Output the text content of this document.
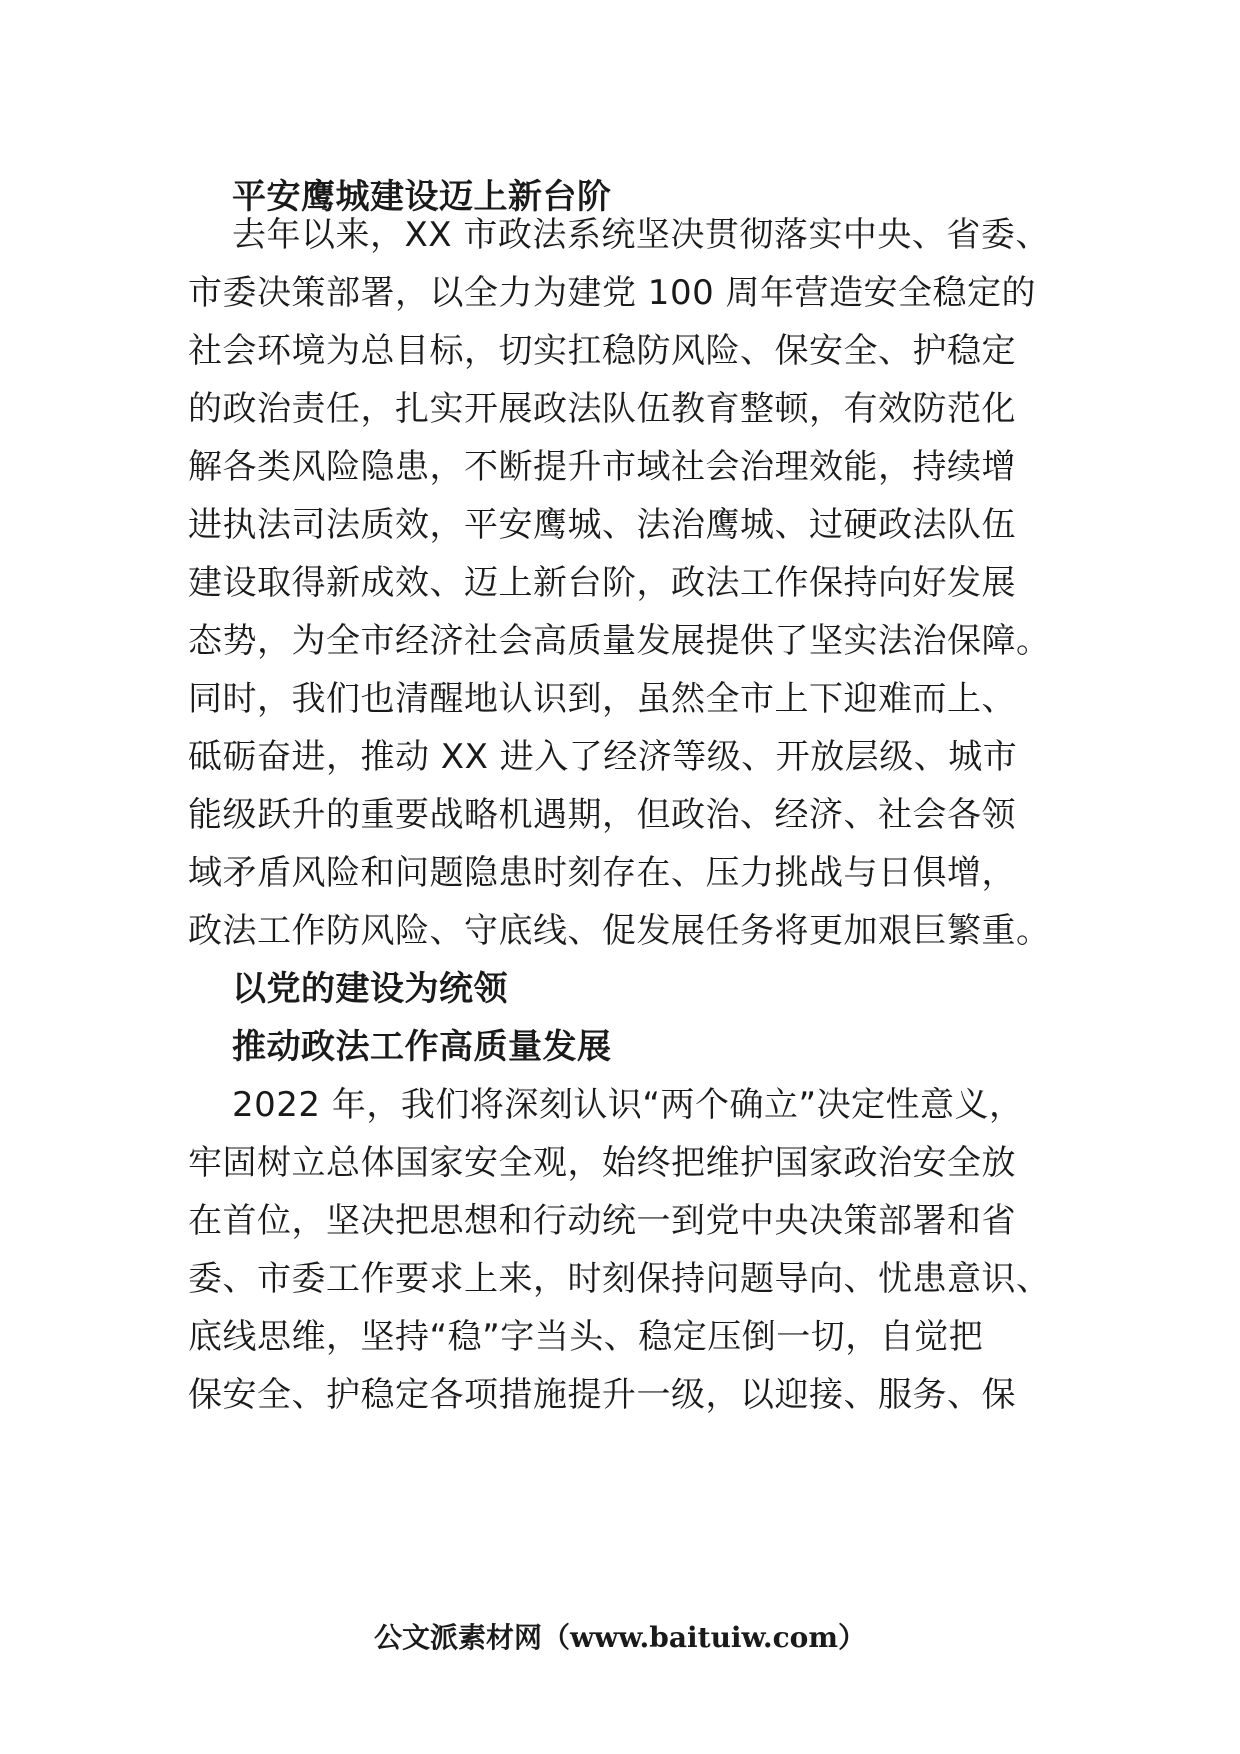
平安鹰城建设迈上新台阶
去年以来，XX 市政法系统坚决贯彻落实中央、省委、
市委决策部署，以全力为建党 100 周年营造安全稳定的
社会环境为总目标，切实扛稳防风险、保安全、护稳定
的政治责任，扎实开展政法队伍教育整顿，有效防范化
解各类风险隐患，不断提升市域社会治理效能，持续增
进执法司法质效，平安鹰城、法治鹰城、过硬政法队伍
建设取得新成效、迈上新台阶，政法工作保持向好发展
态势，为全市经济社会高质量发展提供了坚实法治保障。
同时，我们也清醒地认识到，虽然全市上下迎难而上、
砥砺奋进，推动 XX 进入了经济等级、开放层级、城市
能级跃升的重要战略机遇期，但政治、经济、社会各领
域矛盾风险和问题隐患时刻存在、压力挑战与日俱增，
政法工作防风险、守底线、促发展任务将更加艰巨繁重。
以党的建设为统领
推动政法工作高质量发展
2022 年，我们将深刻认识“两个确立”决定性意义，
牢固树立总体国家安全观，始终把维护国家政治安全放
在首位，坚决把思想和行动统一到党中央决策部署和省
委、市委工作要求上来，时刻保持问题导向、忧患意识、
底线思维，坚持“稳”字当头、稳定压倒一切，自觉把
保安全、护稳定各项措施提升一级，以迎接、服务、保
公文派素材网（www.baituiw.com）
